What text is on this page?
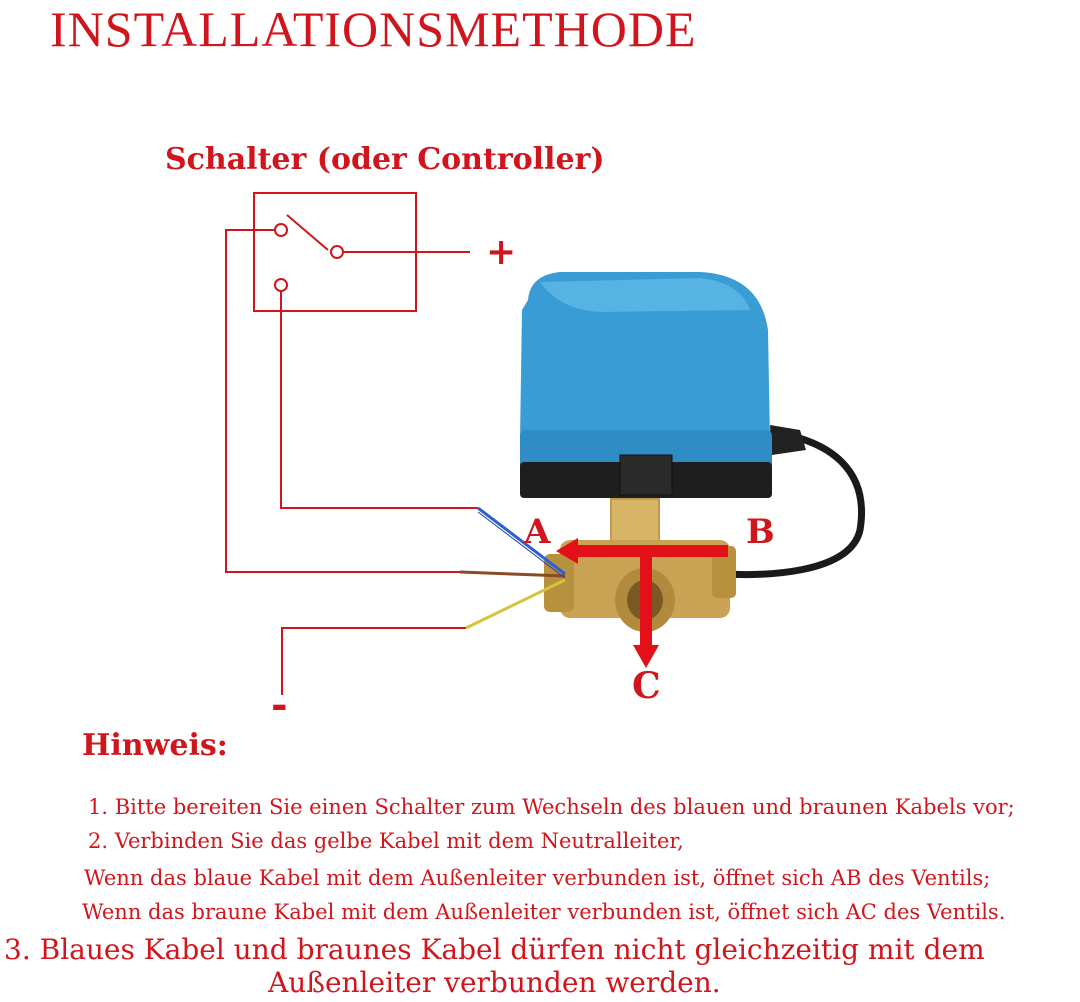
INSTALLATIONSMETHODE
Schalter (oder Controller)
+
-
A	B
C
Hinweis:
1. Bitte bereiten Sie einen Schalter zum Wechseln des blauen und braunen Kabels vor;
2. Verbinden Sie das gelbe Kabel mit dem Neutralleiter,
Wenn das blaue Kabel mit dem Außenleiter verbunden ist, öffnet sich AB des Ventils;
Wenn das braune Kabel mit dem Außenleiter verbunden ist, öffnet sich AC des Ventils.
3. Blaues Kabel und braunes Kabel dürfen nicht gleichzeitig mit dem
Außenleiter verbunden werden.
